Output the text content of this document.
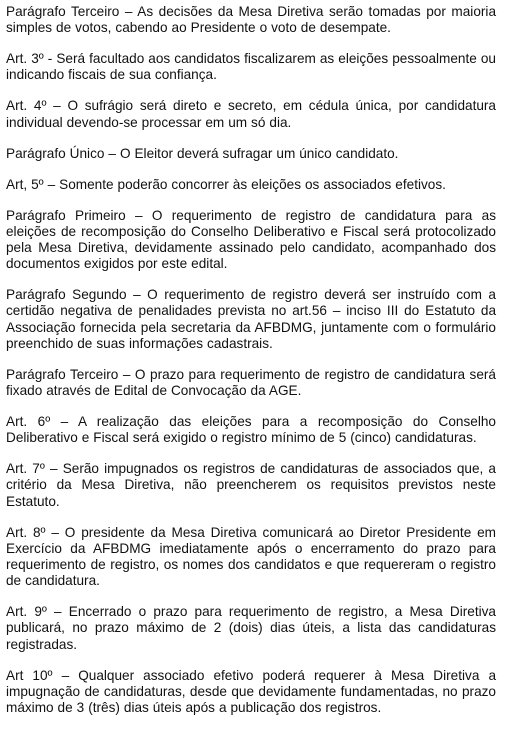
Parágrafo Terceiro – As decisões da Mesa Diretiva serão tomadas por maioria simples de votos, cabendo ao Presidente o voto de desempate.

Art. 3º - Será facultado aos candidatos fiscalizarem as eleições pessoalmente ou indicando fiscais de sua confiança.

Art. 4º – O sufrágio será direto e secreto, em cédula única, por candidatura individual devendo-se processar em um só dia.

Parágrafo Único – O Eleitor deverá sufragar um único candidato.

Art, 5º – Somente poderão concorrer às eleições os associados efetivos.

Parágrafo Primeiro – O requerimento de registro de candidatura para as eleições de recomposição do Conselho Deliberativo e Fiscal será protocolizado pela Mesa Diretiva, devidamente assinado pelo candidato, acompanhado dos documentos exigidos por este edital.

Parágrafo Segundo – O requerimento de registro deverá ser instruído com a certidão negativa de penalidades prevista no art.56 – inciso III do Estatuto da Associação fornecida pela secretaria da AFBDMG, juntamente com o formulário preenchido de suas informações cadastrais.

Parágrafo Terceiro – O prazo para requerimento de registro de candidatura será fixado através de Edital de Convocação da AGE.

Art. 6º – A realização das eleições para a recomposição do Conselho Deliberativo e Fiscal será exigido o registro mínimo de 5 (cinco) candidaturas.

Art. 7º – Serão impugnados os registros de candidaturas de associados que, a critério da Mesa Diretiva, não preencherem os requisitos previstos neste Estatuto.

Art. 8º – O presidente da Mesa Diretiva comunicará ao Diretor Presidente em Exercício da AFBDMG imediatamente após o encerramento do prazo para requerimento de registro, os nomes dos candidatos e que requereram o registro de candidatura.

Art. 9º – Encerrado o prazo para requerimento de registro, a Mesa Diretiva publicará, no prazo máximo de 2 (dois) dias úteis, a lista das candidaturas registradas.

Art 10º – Qualquer associado efetivo poderá requerer à Mesa Diretiva a impugnação de candidaturas, desde que devidamente fundamentadas, no prazo máximo de 3 (três) dias úteis após a publicação dos registros.
